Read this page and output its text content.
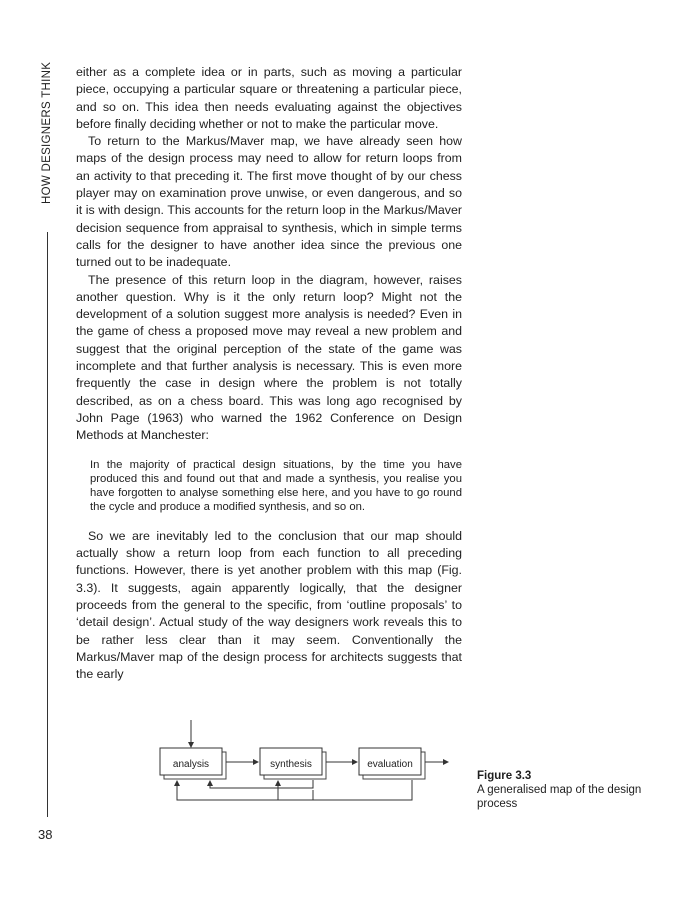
HOW DESIGNERS THINK
38

either as a complete idea or in parts, such as moving a particular piece, occupying a particular square or threatening a particular piece, and so on. This idea then needs evaluating against the objectives before finally deciding whether or not to make the particular move.

To return to the Markus/Maver map, we have already seen how maps of the design process may need to allow for return loops from an activity to that preceding it. The first move thought of by our chess player may on examination prove unwise, or even dangerous, and so it is with design. This accounts for the return loop in the Markus/Maver decision sequence from appraisal to synthesis, which in simple terms calls for the designer to have another idea since the previous one turned out to be inadequate.

The presence of this return loop in the diagram, however, raises another question. Why is it the only return loop? Might not the development of a solution suggest more analysis is needed? Even in the game of chess a proposed move may reveal a new problem and suggest that the original perception of the state of the game was incomplete and that further analysis is necessary. This is even more frequently the case in design where the problem is not totally described, as on a chess board. This was long ago recognised by John Page (1963) who warned the 1962 Conference on Design Methods at Manchester:

In the majority of practical design situations, by the time you have produced this and found out that and made a synthesis, you realise you have forgotten to analyse something else here, and you have to go round the cycle and produce a modified synthesis, and so on.

So we are inevitably led to the conclusion that our map should actually show a return loop from each function to all preceding functions. However, there is yet another problem with this map (Fig. 3.3). It suggests, again apparently logically, that the designer proceeds from the general to the specific, from ‘outline proposals’ to ‘detail design’. Actual study of the way designers work reveals this to be rather less clear than it may seem. Conventionally the Markus/Maver map of the design process for architects suggests that the early

analysis	synthesis	evaluation
Figure 3.3
A generalised map of the design process
